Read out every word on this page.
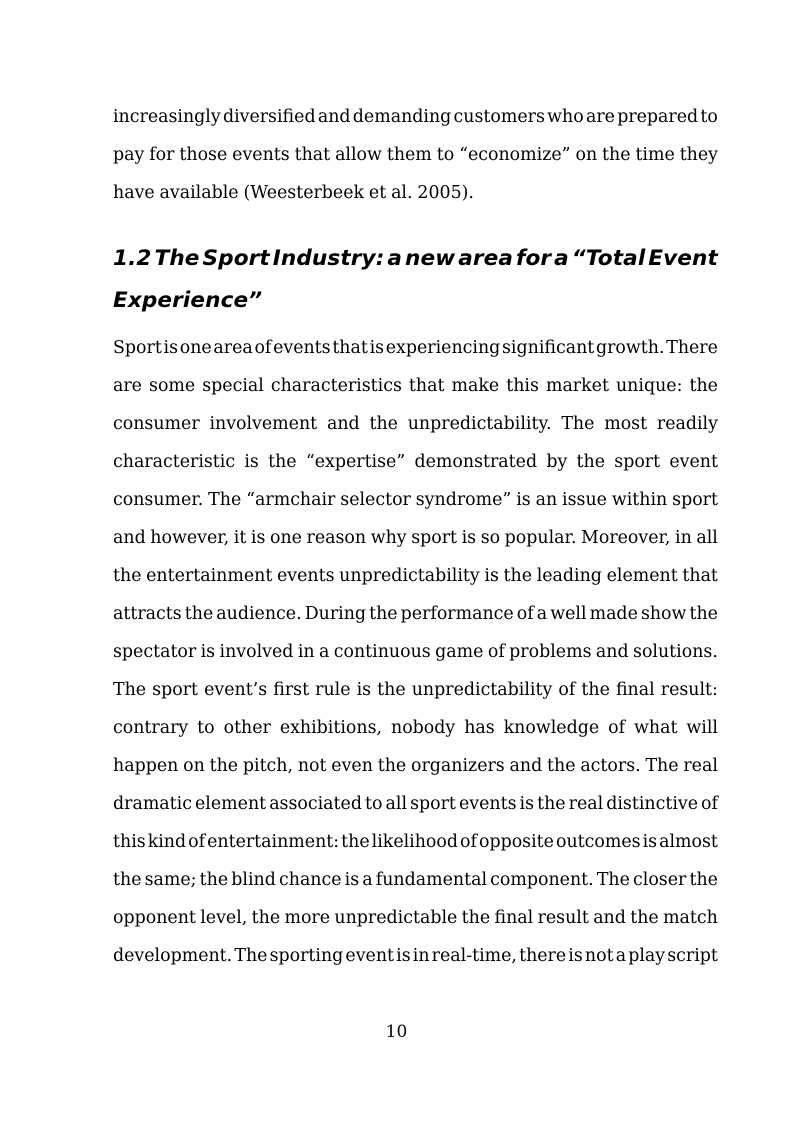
increasingly diversified and demanding customers who are prepared to
pay for those events that allow them to “economize” on the time they
have available (Weesterbeek et al. 2005).
1.2 The Sport Industry: a new area for a “Total Event
Experience”
Sport is one area of events that is experiencing significant growth. There
are some special characteristics that make this market unique: the
consumer involvement and the unpredictability. The most readily
characteristic is the “expertise” demonstrated by the sport event
consumer. The “armchair selector syndrome” is an issue within sport
and however, it is one reason why sport is so popular. Moreover, in all
the entertainment events unpredictability is the leading element that
attracts the audience. During the performance of a well made show the
spectator is involved in a continuous game of problems and solutions.
The sport event’s first rule is the unpredictability of the final result:
contrary to other exhibitions, nobody has knowledge of what will
happen on the pitch, not even the organizers and the actors. The real
dramatic element associated to all sport events is the real distinctive of
this kind of entertainment: the likelihood of opposite outcomes is almost
the same; the blind chance is a fundamental component. The closer the
opponent level, the more unpredictable the final result and the match
development. The sporting event is in real-time, there is not a play script
10
